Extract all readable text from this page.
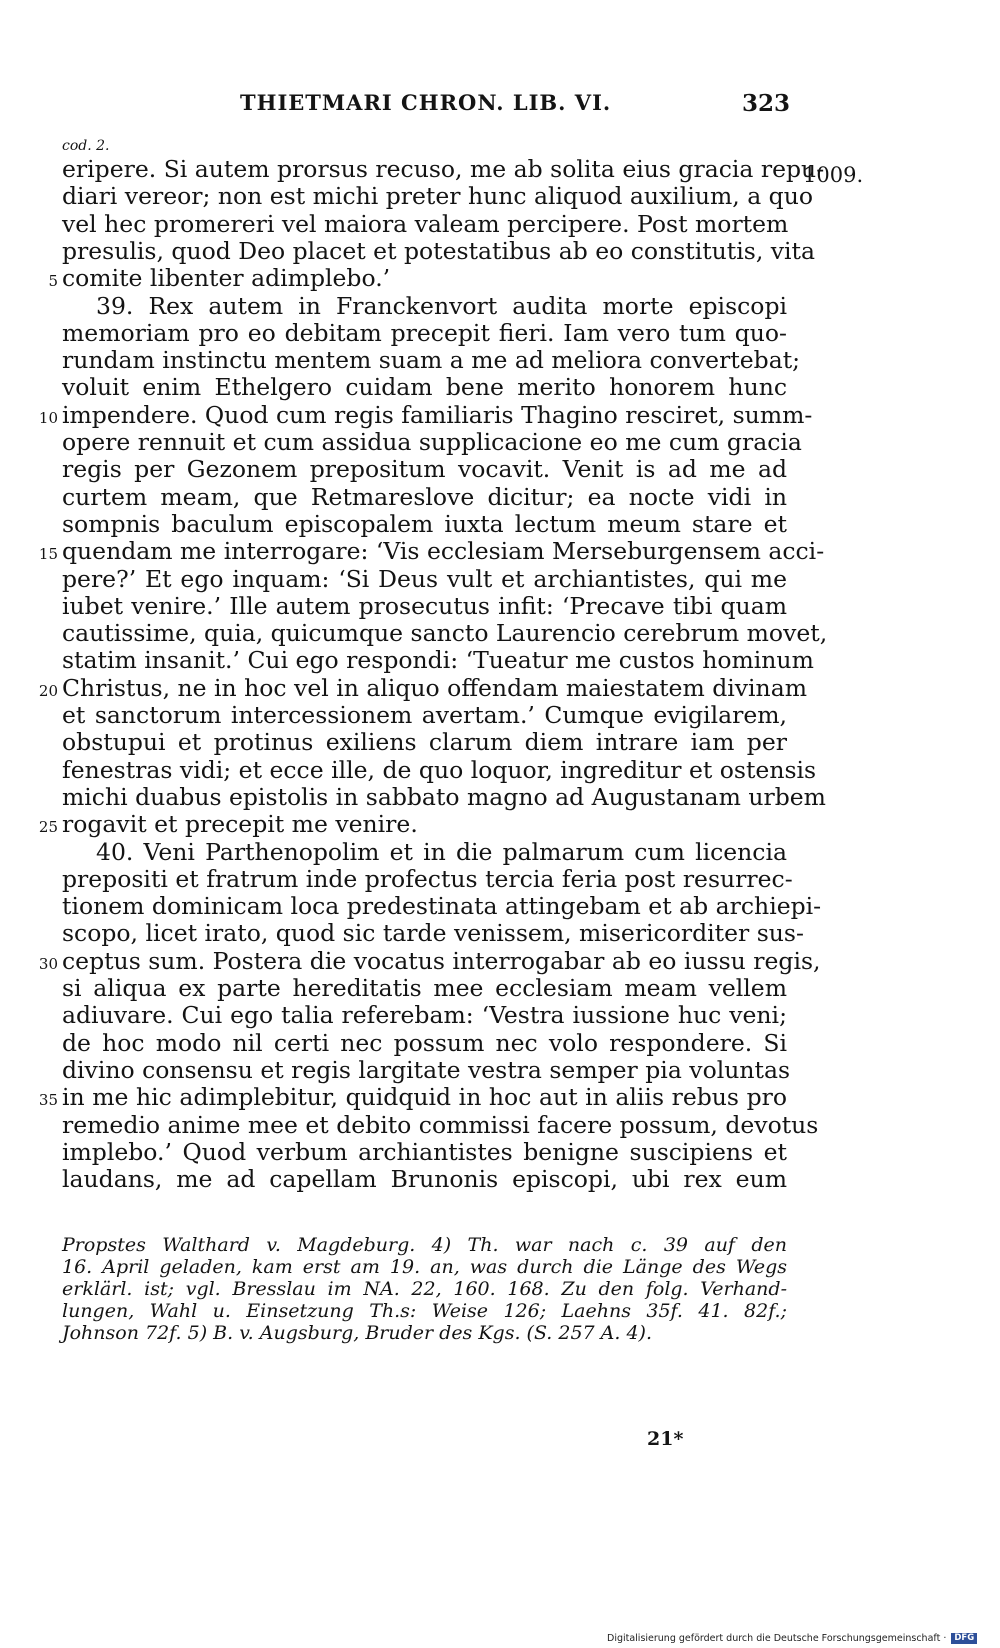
THIETMARI CHRON. LIB. VI.	323
cod. 2.
1009.
eripere. Si autem prorsus recuso, me ab solita eius gracia repu-
diari vereor; non est michi preter hunc aliquod auxilium, a quo
vel hec promereri vel maiora valeam percipere. Post mortem
presulis, quod Deo placet et potestatibus ab eo constitutis, vita
comite libenter adimplebo.’
5
39. Rex autem in Franckenvort audita morte episcopi
memoriam pro eo debitam precepit fieri. Iam vero tum quo-
rundam instinctu mentem suam a me ad meliora convertebat;
voluit enim Ethelgero cuidam bene merito honorem hunc
impendere. Quod cum regis familiaris Thagino resciret, summ-
10
opere rennuit et cum assidua supplicacione eo me cum gracia
regis per Gezonem prepositum vocavit. Venit is ad me ad
curtem meam, que Retmareslove dicitur; ea nocte vidi in
sompnis baculum episcopalem iuxta lectum meum stare et
quendam me interrogare: ‘Vis ecclesiam Merseburgensem acci-
15
pere?’ Et ego inquam: ‘Si Deus vult et archiantistes, qui me
iubet venire.’ Ille autem prosecutus infit: ‘Precave tibi quam
cautissime, quia, quicumque sancto Laurencio cerebrum movet,
statim insanit.’ Cui ego respondi: ‘Tueatur me custos hominum
Christus, ne in hoc vel in aliquo offendam maiestatem divinam
20
et sanctorum intercessionem avertam.’ Cumque evigilarem,
obstupui et protinus exiliens clarum diem intrare iam per
fenestras vidi; et ecce ille, de quo loquor, ingreditur et ostensis
michi duabus epistolis in sabbato magno ad Augustanam urbem
rogavit et precepit me venire.
25
40. Veni Parthenopolim et in die palmarum cum licencia
prepositi et fratrum inde profectus tercia feria post resurrec-
tionem dominicam loca predestinata attingebam et ab archiepi-
scopo, licet irato, quod sic tarde venissem, misericorditer sus-
ceptus sum. Postera die vocatus interrogabar ab eo iussu regis,
30
si aliqua ex parte hereditatis mee ecclesiam meam vellem
adiuvare. Cui ego talia referebam: ‘Vestra iussione huc veni;
de hoc modo nil certi nec possum nec volo respondere. Si
divino consensu et regis largitate vestra semper pia voluntas
in me hic adimplebitur, quidquid in hoc aut in aliis rebus pro
35
remedio anime mee et debito commissi facere possum, devotus
implebo.’ Quod verbum archiantistes benigne suscipiens et
laudans, me ad capellam Brunonis episcopi, ubi rex eum
Propstes Walthard v. Magdeburg. 4) Th. war nach c. 39 auf den
16. April geladen, kam erst am 19. an, was durch die Länge des Wegs
erklärl. ist; vgl. Bresslau im NA. 22, 160. 168. Zu den folg. Verhand-
lungen, Wahl u. Einsetzung Th.s: Weise 126; Laehns 35f. 41. 82f.;
Johnson 72f. 5) B. v. Augsburg, Bruder des Kgs. (S. 257 A. 4).
21*
Digitalisierung gefördert durch die Deutsche Forschungsgemeinschaft · DFG
